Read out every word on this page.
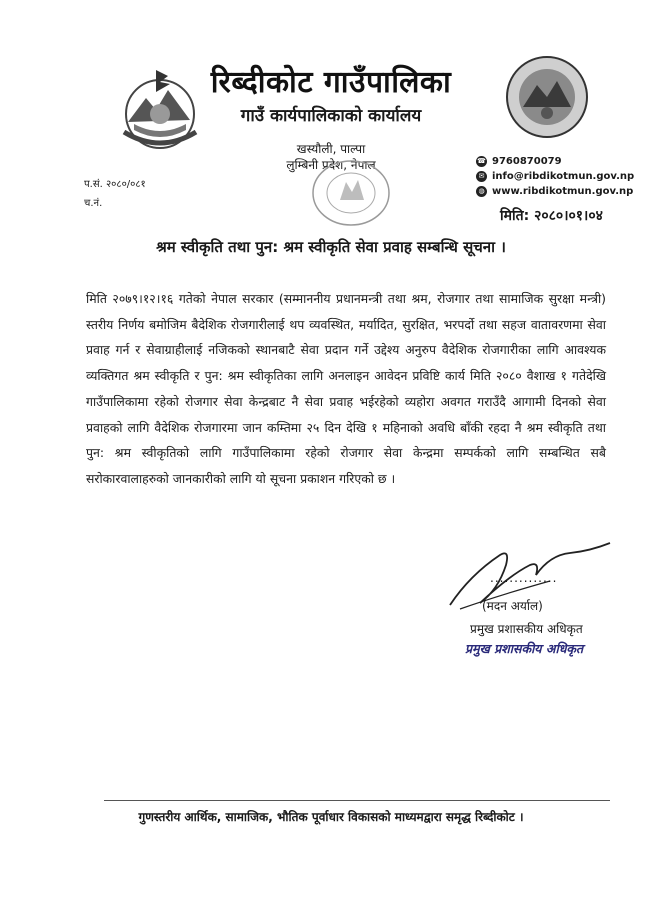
रिब्दीकोट गाउँपालिका
गाउँ कार्यपालिकाको कार्यालय
खस्यौली, पाल्पा
लुम्बिनी प्रदेश, नेपाल	☎ 9760870079
✉ info@ribdikotmun.gov.np
◍ www.ribdikotmun.gov.np
प.सं. २०८०/०८१
च.नं.
मिति: २०८०।०१।०४
श्रम स्वीकृति तथा पुन: श्रम स्वीकृति सेवा प्रवाह सम्बन्धि सूचना ।
मिति २०७९।१२।१६ गतेको नेपाल सरकार (सम्माननीय प्रधानमन्त्री तथा श्रम, रोजगार तथा सामाजिक सुरक्षा मन्त्री) स्तरीय निर्णय बमोजिम बैदेशिक रोजगारीलाई थप व्यवस्थित, मर्यादित, सुरक्षित, भरपर्दो तथा सहज वातावरणमा सेवा प्रवाह गर्न र सेवाग्राहीलाई नजिकको स्थानबाटै सेवा प्रदान गर्ने उद्देश्य अनुरुप वैदेशिक रोजगारीका लागि आवश्यक व्यक्तिगत श्रम स्वीकृति र पुन: श्रम स्वीकृतिका लागि अनलाइन आवेदन प्रविष्टि कार्य मिति २०८० वैशाख १ गतेदेखि गाउँपालिकामा रहेको रोजगार सेवा केन्द्रबाट नै सेवा प्रवाह भईरहेको व्यहोरा अवगत गराउँदै आगामी दिनको सेवा प्रवाहको लागि वैदेशिक रोजगारमा जान कम्तिमा २५ दिन देखि १ महिनाको अवधि बाँकी रहदा नै श्रम स्वीकृति तथा पुन: श्रम स्वीकृतिको लागि गाउँपालिकामा रहेको रोजगार सेवा केन्द्रमा सम्पर्कको लागि सम्बन्धित सबै सरोकारवालाहरुको जानकारीको लागि यो सूचना प्रकाशन गरिएको छ ।
..............
(मदन अर्याल)
प्रमुख प्रशासकीय अधिकृत
प्रमुख प्रशासकीय अधिकृत
गुणस्तरीय आर्थिक, सामाजिक, भौतिक पूर्वाधार विकासको माध्यमद्वारा समृद्ध रिब्दीकोट ।
